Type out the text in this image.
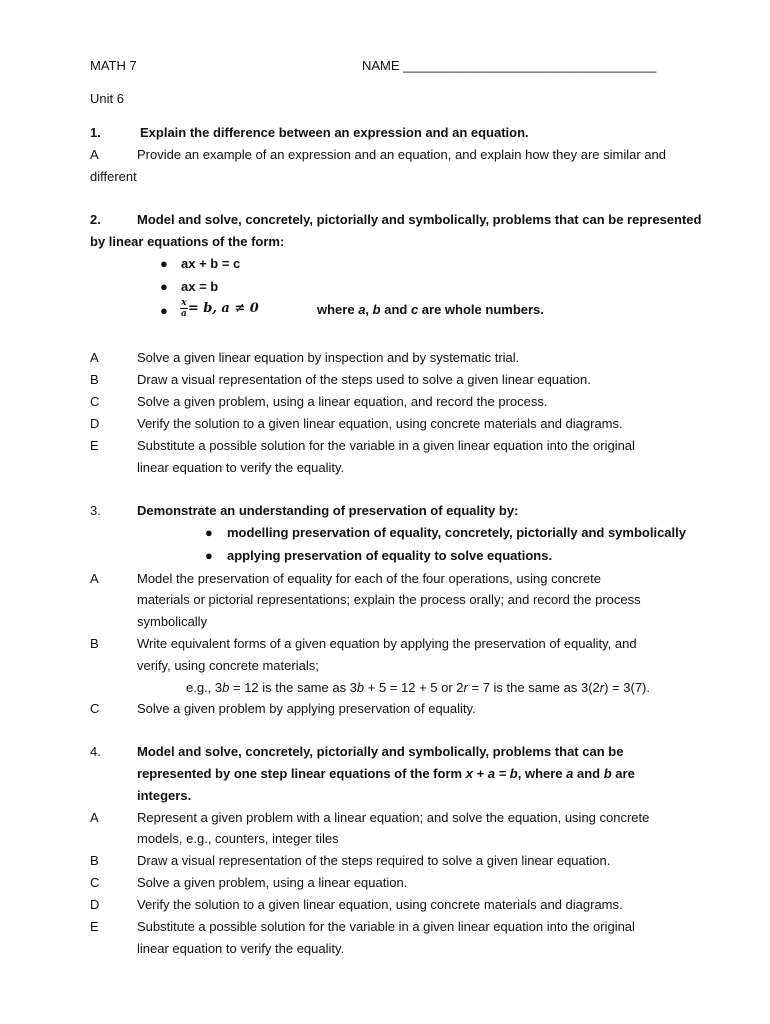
MATH 7	NAME ___________________________________
Unit 6
1.	Explain the difference between an expression and an equation.
A	Provide an example of an expression and an equation, and explain how they are similar and
different
2.	Model and solve, concretely, pictorially and symbolically, problems that can be represented
by linear equations of the form:
● ax + b = c
● ax = b
● $\frac{x}{a} = b$, a ≠ 0	where a, b and c are whole numbers.
A	Solve a given linear equation by inspection and by systematic trial.
B	Draw a visual representation of the steps used to solve a given linear equation.
C	Solve a given problem, using a linear equation, and record the process.
D	Verify the solution to a given linear equation, using concrete materials and diagrams.
E	Substitute a possible solution for the variable in a given linear equation into the original
linear equation to verify the equality.
3.	Demonstrate an understanding of preservation of equality by:
● modelling preservation of equality, concretely, pictorially and symbolically
● applying preservation of equality to solve equations.
A	Model the preservation of equality for each of the four operations, using concrete
materials or pictorial representations; explain the process orally; and record the process
symbolically
B	Write equivalent forms of a given equation by applying the preservation of equality, and
verify, using concrete materials;
e.g., 3b = 12 is the same as 3b + 5 = 12 + 5 or 2r = 7 is the same as 3(2r) = 3(7).
C	Solve a given problem by applying preservation of equality.
4.	Model and solve, concretely, pictorially and symbolically, problems that can be
represented by one step linear equations of the form x + a = b, where a and b are
integers.
A	Represent a given problem with a linear equation; and solve the equation, using concrete
models, e.g., counters, integer tiles
B	Draw a visual representation of the steps required to solve a given linear equation.
C	Solve a given problem, using a linear equation.
D	Verify the solution to a given linear equation, using concrete materials and diagrams.
E	Substitute a possible solution for the variable in a given linear equation into the original
linear equation to verify the equality.
